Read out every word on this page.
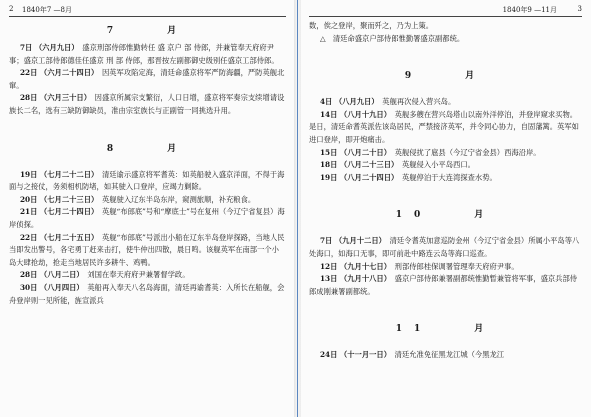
2 1840年7 —8月
7　　月

7日 （六月九日）　 盛京刑部侍郎惟勤转任 盛 京户 部 侍郎，并兼管奉天府府尹事；盛京工部侍郎德佳任盛京 刑 部 侍郎，那晋按左副都御史级别任盛京工部侍郎。

22日 （六月二十四日）　 因英军攻陷定海，清廷命盛京将军严防海疆，严防英舰北窜。

28日 （六月三十日）　 因盛京所属宗支繁衍，人口日增，盛京将军奏宗支续增请设族长二名，选有三缺防御缺员，准由宗室族长与正副管一同挑选升用。

8　　月

19日 （七月二十二日）　 清廷谕示盛京将军耆英：如英船驶入盛京洋面，不得于海面与之接仗，务须相机防堵，如其驶入口登岸，应竭力剿除。

20日 （七月二十三日）　 英舰驶入辽东半岛东岸，窥测旅顺，补充粮食。

21日 （七月二十四日）　 英舰“布郎底”号和“摩底士”号在复州（今辽宁省复县）海岸侦探。

22日 （七月二十五日）　 英舰“布郎底”号派出小船在辽东半岛登岸探路，当地人民当即发出警号，各宅勇丁赶来击打，使牛仲出四散，晨日鸣。该舰英军在南部一个小岛大肆抢劫，抢走当地居民许多耕牛、鸡鸭。

28日 （八月二日）　 刘国在奉天府府尹兼署督学政。

30日 （八月四日）　 英船再入奉天八名岛海面，清廷再谕耆英：入所长在船舰，会舟登岸则一见所能，旌宣派兵

1840年9 —11月	3

数，俟之登岸，聚而歼之，乃为上策。

△　 清廷命盛京户部侍郎惟勤署盛京副都统。

9　　月

4日 （八月九日）　 英舰再次侵入营兴岛。

14日 （八月十九日）　 英舰多艘在营兴岛塔山以南外洋停泊，并登岸窥求买物。是日，清廷命耆英派佐该岛居民，严禁接济英军，并令同心协力，自固藩篱。英军如进口登岸，即开炮痛击。

15日 （八月二十日）　 英舰侵扰了扈县（今辽宁省金县）西海沿岸。

18日 （八月二十三日）　 英舰侵入小平岛西口。

19日 （八月二十四日）　 英舰停泊于大连湾探查水势。

10　　月

7日 （九月十二日）　 清廷令耆英加意巡防金州（今辽宁省金县）所属小平岛等八处海口，如海口无事，即可前赴中路连云岛等海口巡查。

12日 （九月十七日）　 刑部侍郎桂保调署管理奉天府府尹事。

13日 （九月十八日）　 盛京户部侍郎兼署副都统惟勤暂兼管将军事，盛京兵部侍郎成刚兼署副都统。

11　　月

24日 （十一月一日）　 清廷允准免征黑龙江城（今黑龙江
